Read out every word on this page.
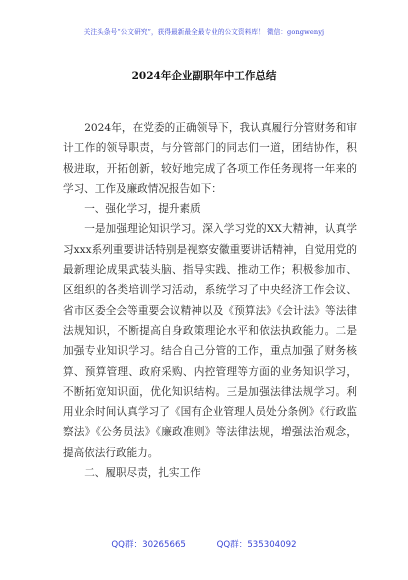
关注头条号“公文研究”，获得最新最全最专业的公文资料库！ 微信：gongwenyj
2024年企业副职年中工作总结

2024年，在党委的正确领导下，我认真履行分管财务和审计工作的领导职责，与分管部门的同志们一道，团结协作，积极进取，开拓创新，较好地完成了各项工作任务现将一年来的学习、工作及廉政情况报告如下：

一、强化学习，提升素质

一是加强理论知识学习。深入学习党的XX大精神，认真学习xxx系列重要讲话特别是视察安徽重要讲话精神，自觉用党的最新理论成果武装头脑、指导实践、推动工作；积极参加市、区组织的各类培训学习活动，系统学习了中央经济工作会议、省市区委全会等重要会议精神以及《预算法》《会计法》等法律法规知识，不断提高自身政策理论水平和依法执政能力。二是加强专业知识学习。结合自己分管的工作，重点加强了财务核算、预算管理、政府采购、内控管理等方面的业务知识学习，不断拓宽知识面，优化知识结构。三是加强法律法规学习。利用业余时间认真学习了《国有企业管理人员处分条例》《行政监察法》《公务员法》《廉政准则》等法律法规，增强法治观念，提高依法行政能力。

二、履职尽责，扎实工作

QQ群：30265665	QQ群：535304092
